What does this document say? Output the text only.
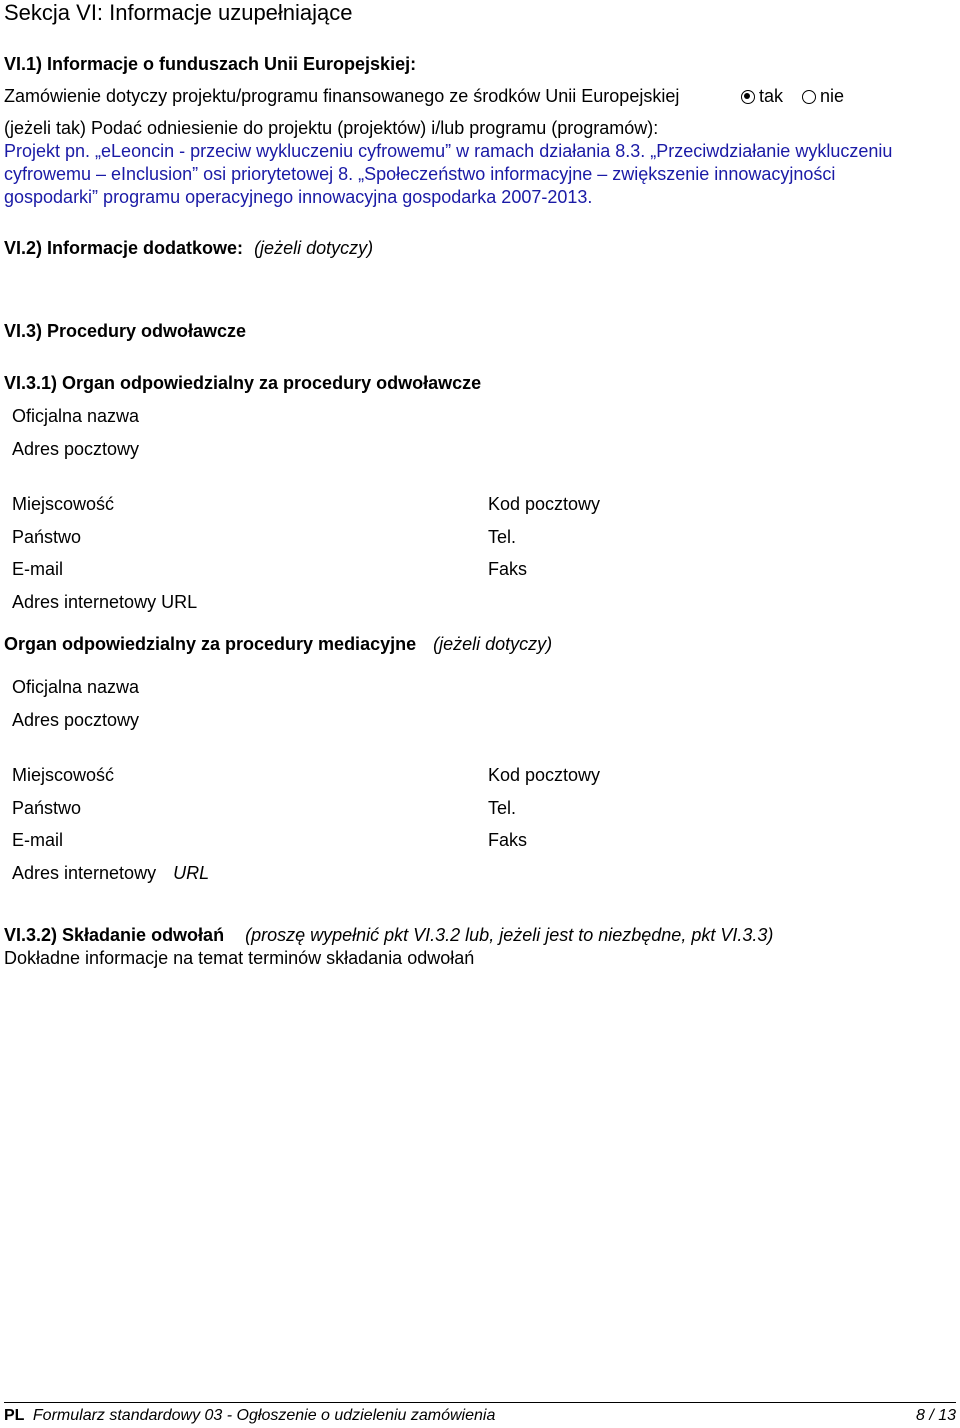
Sekcja VI: Informacje uzupełniające
VI.1) Informacje o funduszach Unii Europejskiej:
Zamówienie dotyczy projektu/programu finansowanego ze środków Unii Europejskiej	tak nie
(jeżeli tak) Podać odniesienie do projektu (projektów) i/lub programu (programów):
Projekt pn. „eLeoncin - przeciw wykluczeniu cyfrowemu” w ramach działania 8.3. „Przeciwdziałanie wykluczeniu
cyfrowemu – eInclusion” osi priorytetowej 8. „Społeczeństwo informacyjne – zwiększenie innowacyjności
gospodarki” programu operacyjnego innowacyjna gospodarka 2007-2013.
VI.2) Informacje dodatkowe: (jeżeli dotyczy)
VI.3) Procedury odwoławcze
VI.3.1) Organ odpowiedzialny za procedury odwoławcze
Oficjalna nazwa
Adres pocztowy
Miejscowość	Kod pocztowy
Państwo	Tel.
E-mail	Faks
Adres internetowy URL
Organ odpowiedzialny za procedury mediacyjne (jeżeli dotyczy)
Oficjalna nazwa
Adres pocztowy
Miejscowość	Kod pocztowy
Państwo	Tel.
E-mail	Faks
Adres internetowy URL
VI.3.2) Składanie odwołań (proszę wypełnić pkt VI.3.2 lub, jeżeli jest to niezbędne, pkt VI.3.3)
Dokładne informacje na temat terminów składania odwołań
PL Formularz standardowy 03 - Ogłoszenie o udzieleniu zamówienia	8 / 13
